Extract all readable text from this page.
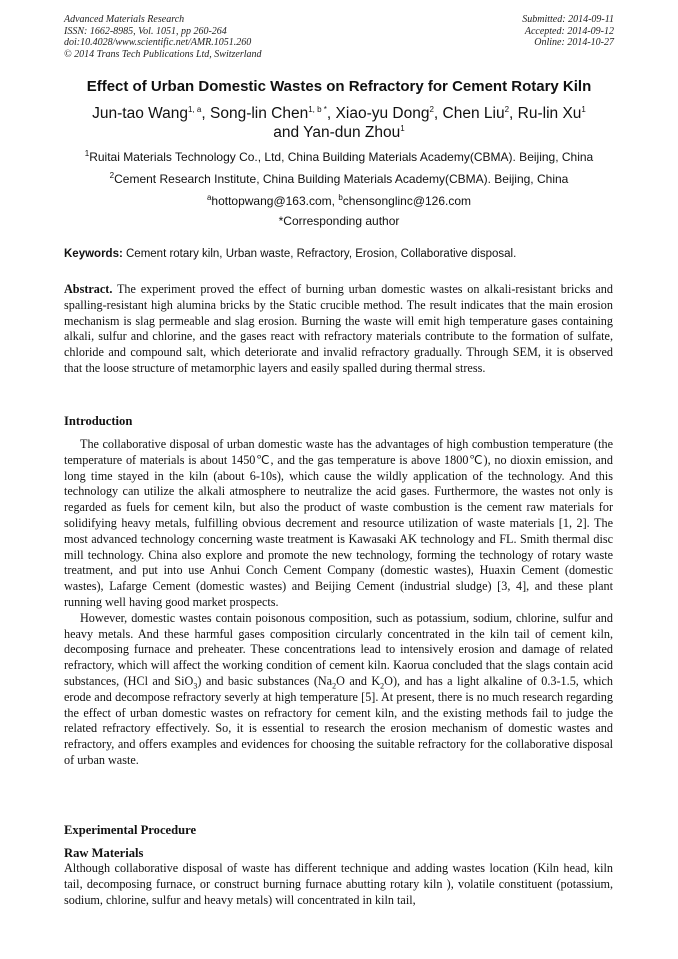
Advanced Materials Research
ISSN: 1662-8985, Vol. 1051, pp 260-264
doi:10.4028/www.scientific.net/AMR.1051.260
© 2014 Trans Tech Publications Ltd, Switzerland
Submitted: 2014-09-11
Accepted: 2014-09-12
Online: 2014-10-27
Effect of Urban Domestic Wastes on Refractory for Cement Rotary Kiln
Jun-tao Wang$^{1, a}$, Song-lin Chen$^{1, b *}$, Xiao-yu Dong$^2$, Chen Liu$^2$, Ru-lin Xu$^1$
and Yan-dun Zhou$^1$
$^1$Ruitai Materials Technology Co., Ltd, China Building Materials Academy(CBMA). Beijing, China
$^2$Cement Research Institute, China Building Materials Academy(CBMA). Beijing, China
$^a$hottopwang@163.com, $^b$chensonglinc@126.com
*Corresponding author
Keywords: Cement rotary kiln, Urban waste, Refractory, Erosion, Collaborative disposal.

Abstract. The experiment proved the effect of burning urban domestic wastes on alkali-resistant bricks and spalling-resistant high alumina bricks by the Static crucible method. The result indicates that the main erosion mechanism is slag permeable and slag erosion. Burning the waste will emit high temperature gases containing alkali, sulfur and chlorine, and the gases react with refractory materials contribute to the formation of sulfate, chloride and compound salt, which deteriorate and invalid refractory gradually. Through SEM, it is observed that the loose structure of metamorphic layers and easily spalled during thermal stress.

Introduction

The collaborative disposal of urban domestic waste has the advantages of high combustion temperature (the temperature of materials is about 1450℃, and the gas temperature is above 1800℃), no dioxin emission, and long time stayed in the kiln (about 6-10s), which cause the wildly application of the technology. And this technology can utilize the alkali atmosphere to neutralize the acid gases. Furthermore, the wastes not only is regarded as fuels for cement kiln, but also the product of waste combustion is the cement raw materials for solidifying heavy metals, fulfilling obvious decrement and resource utilization of waste materials [1, 2]. The most advanced technology concerning waste treatment is Kawasaki AK technology and FL. Smith thermal disc mill technology. China also explore and promote the new technology, forming the technology of rotary waste treatment, and put into use Anhui Conch Cement Company (domestic wastes), Huaxin Cement (domestic wastes), Lafarge Cement (domestic wastes) and Beijing Cement (industrial sludge) [3, 4], and these plant running well having good market prospects.

However, domestic wastes contain poisonous composition, such as potassium, sodium, chlorine, sulfur and heavy metals. And these harmful gases composition circularly concentrated in the kiln tail of cement kiln, decomposing furnace and preheater. These concentrations lead to intensively erosion and damage of related refractory, which will affect the working condition of cement kiln. Kaorua concluded that the slags contain acid substances, (HCl and SiO$_3$) and basic substances ($Na_2O$ and $K_2O$), and has a light alkaline of 0.3-1.5, which erode and decompose refractory severly at high temperature [5]. At present, there is no much research regarding the effect of urban domestic wastes on refractory for cement kiln, and the existing methods fail to judge the related refractory effectively. So, it is essential to research the erosion mechanism of domestic wastes and refractory, and offers examples and evidences for choosing the suitable refractory for the collaborative disposal of urban waste.

Experimental Procedure
Raw Materials

Although collaborative disposal of waste has different technique and adding wastes location (Kiln head, kiln tail, decomposing furnace, or construct burning furnace abutting rotary kiln ), volatile constituent (potassium, sodium, chlorine, sulfur and heavy metals) will concentrated in kiln tail,
